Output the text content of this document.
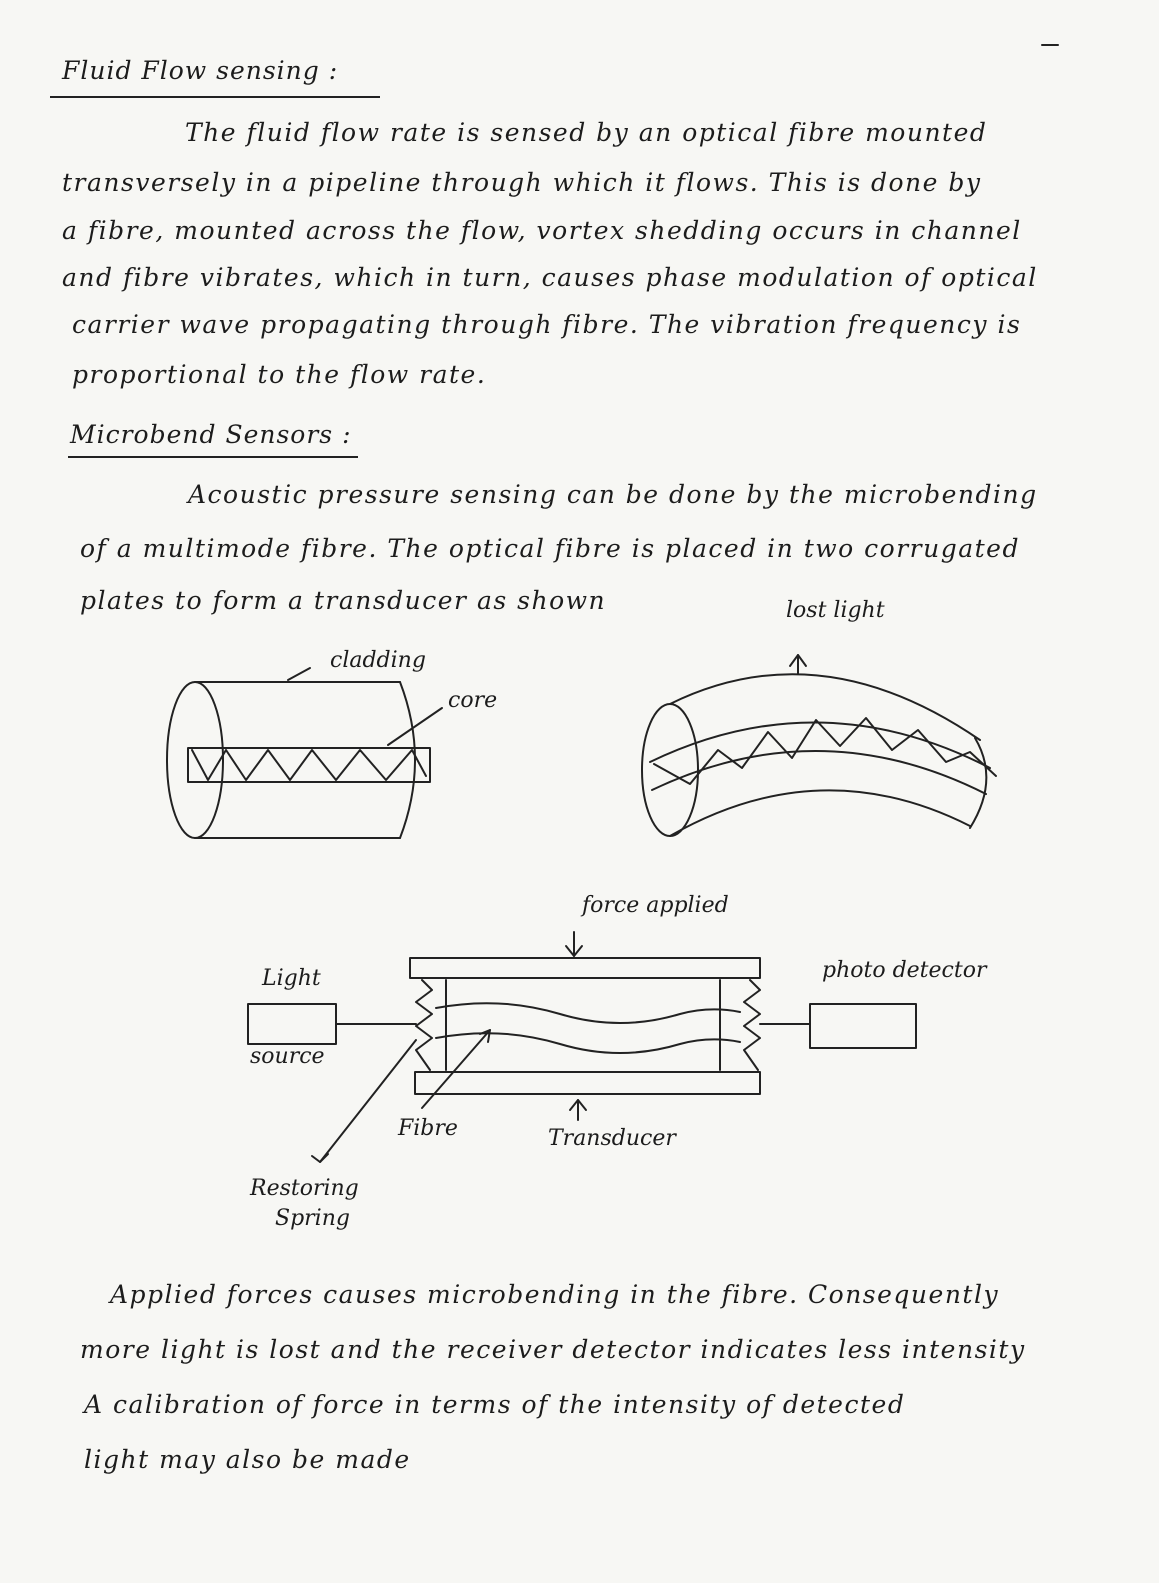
Fluid Flow sensing :
The fluid flow rate is sensed by an optical fibre mounted
transversely in a pipeline through which it flows. This is done by
a fibre, mounted across the flow, vortex shedding occurs in channel
and fibre vibrates, which in turn, causes phase modulation of optical
carrier wave propagating through fibre. The vibration frequency is
proportional to the flow rate.
Microbend Sensors :
Acoustic pressure sensing can be done by the microbending
of a multimode fibre. The optical fibre is placed in two corrugated
plates to form a transducer as shown
cladding
core
lost light
force applied
Light
source
photo detector
Fibre	Transducer
Restoring
Spring
Applied forces causes microbending in the fibre. Consequently
more light is lost and the receiver detector indicates less intensity
A calibration of force in terms of the intensity of detected
light may also be made
